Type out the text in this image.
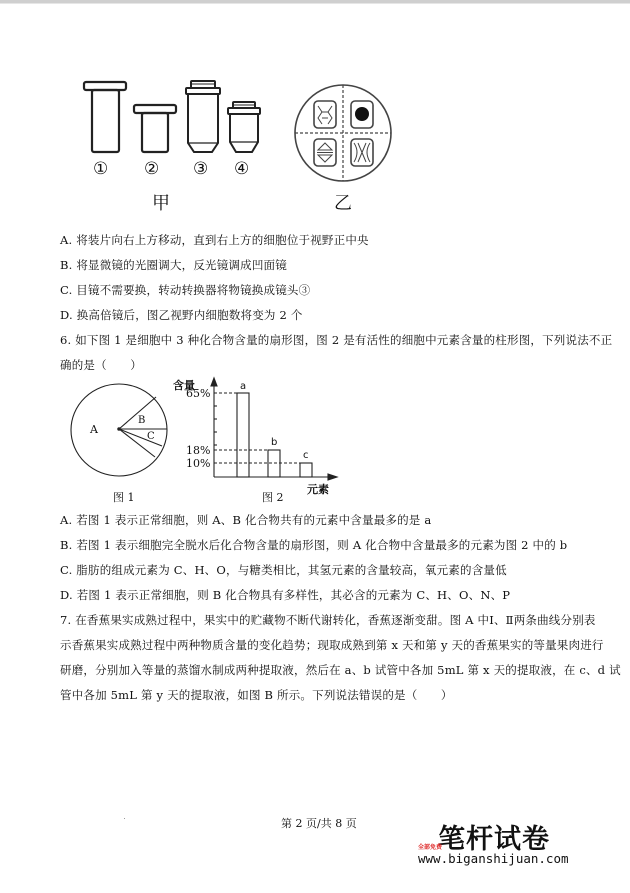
① ② ③ ④
甲	乙
A. 将装片向右上方移动，直到右上方的细胞位于视野正中央
B. 将显微镜的光圈调大，反光镜调成凹面镜
C. 目镜不需要换，转动转换器将物镜换成镜头③
D. 换高倍镜后，图乙视野内细胞数将变为 2 个
6. 如下图 1 是细胞中 3 种化合物含量的扇形图，图 2 是有活性的细胞中元素含量的柱形图，下列说法不正
确的是（　　）
A
B
C
图 1
含量
65%
18%
10%
a
b
c
元素
图 2
A. 若图 1 表示正常细胞，则 A、B 化合物共有的元素中含量最多的是 a
B. 若图 1 表示细胞完全脱水后化合物含量的扇形图，则 A 化合物中含量最多的元素为图 2 中的 b
C. 脂肪的组成元素为 C、H、O，与糖类相比，其氢元素的含量较高，氧元素的含量低
D. 若图 1 表示正常细胞，则 B 化合物具有多样性，其必含的元素为 C、H、O、N、P
7. 在香蕉果实成熟过程中，果实中的贮藏物不断代谢转化，香蕉逐渐变甜。图 A 中Ⅰ、Ⅱ两条曲线分别表
示香蕉果实成熟过程中两种物质含量的变化趋势；现取成熟到第 x 天和第 y 天的香蕉果实的等量果肉进行
研磨，分别加入等量的蒸馏水制成两种提取液，然后在 a、b 试管中各加 5mL 第 x 天的提取液，在 c、d 试
管中各加 5mL 第 y 天的提取液，如图 B 所示。下列说法错误的是（　　）
第 2 页/共 8 页
笔杆试卷
全部免费
www.biganshijuan.com
